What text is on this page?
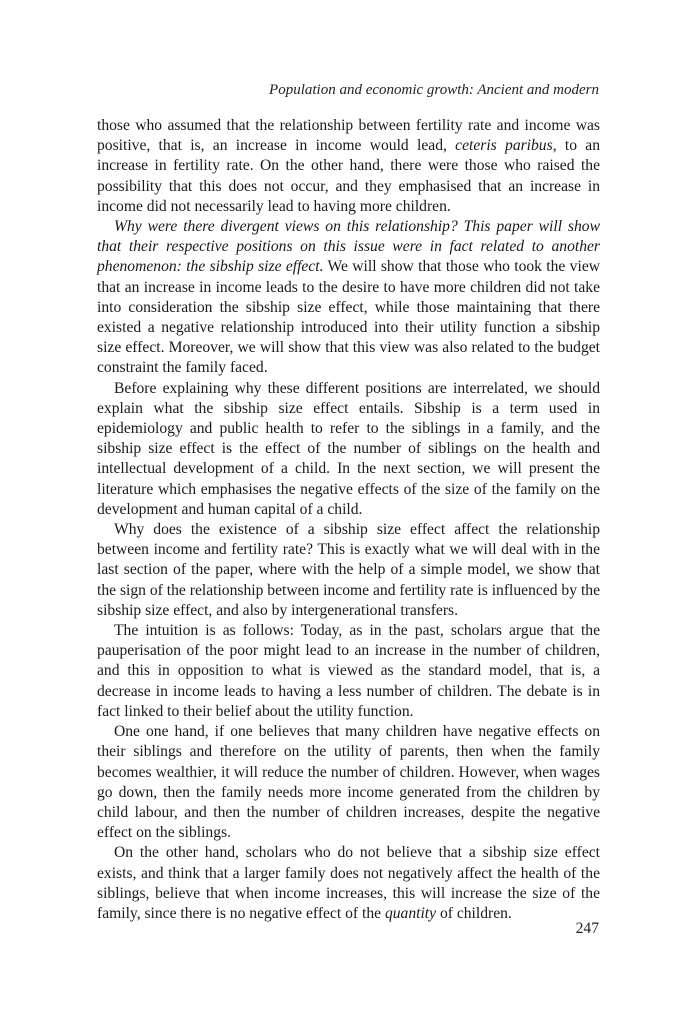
Population and economic growth: Ancient and modern

those who assumed that the relationship between fertility rate and income was positive, that is, an increase in income would lead, ceteris paribus, to an increase in fertility rate. On the other hand, there were those who raised the possibility that this does not occur, and they emphasised that an increase in income did not necessarily lead to having more children.

Why were there divergent views on this relationship? This paper will show that their respective positions on this issue were in fact related to another phenomenon: the sibship size effect. We will show that those who took the view that an increase in income leads to the desire to have more children did not take into consideration the sibship size effect, while those maintaining that there existed a negative relationship introduced into their utility function a sibship size effect. Moreover, we will show that this view was also related to the budget constraint the family faced.

Before explaining why these different positions are interrelated, we should explain what the sibship size effect entails. Sibship is a term used in epidemiology and public health to refer to the siblings in a family, and the sibship size effect is the effect of the number of siblings on the health and intellectual development of a child. In the next section, we will present the literature which emphasises the negative effects of the size of the family on the development and human capital of a child.

Why does the existence of a sibship size effect affect the relationship between income and fertility rate? This is exactly what we will deal with in the last section of the paper, where with the help of a simple model, we show that the sign of the relationship between income and fertility rate is influenced by the sibship size effect, and also by intergenerational transfers.

The intuition is as follows: Today, as in the past, scholars argue that the pauperisation of the poor might lead to an increase in the number of children, and this in opposition to what is viewed as the standard model, that is, a decrease in income leads to having a less number of children. The debate is in fact linked to their belief about the utility function.

One one hand, if one believes that many children have negative effects on their siblings and therefore on the utility of parents, then when the family becomes wealthier, it will reduce the number of children. However, when wages go down, then the family needs more income generated from the children by child labour, and then the number of children increases, despite the negative effect on the siblings.

On the other hand, scholars who do not believe that a sibship size effect exists, and think that a larger family does not negatively affect the health of the siblings, believe that when income increases, this will increase the size of the family, since there is no negative effect of the quantity of children.

247
